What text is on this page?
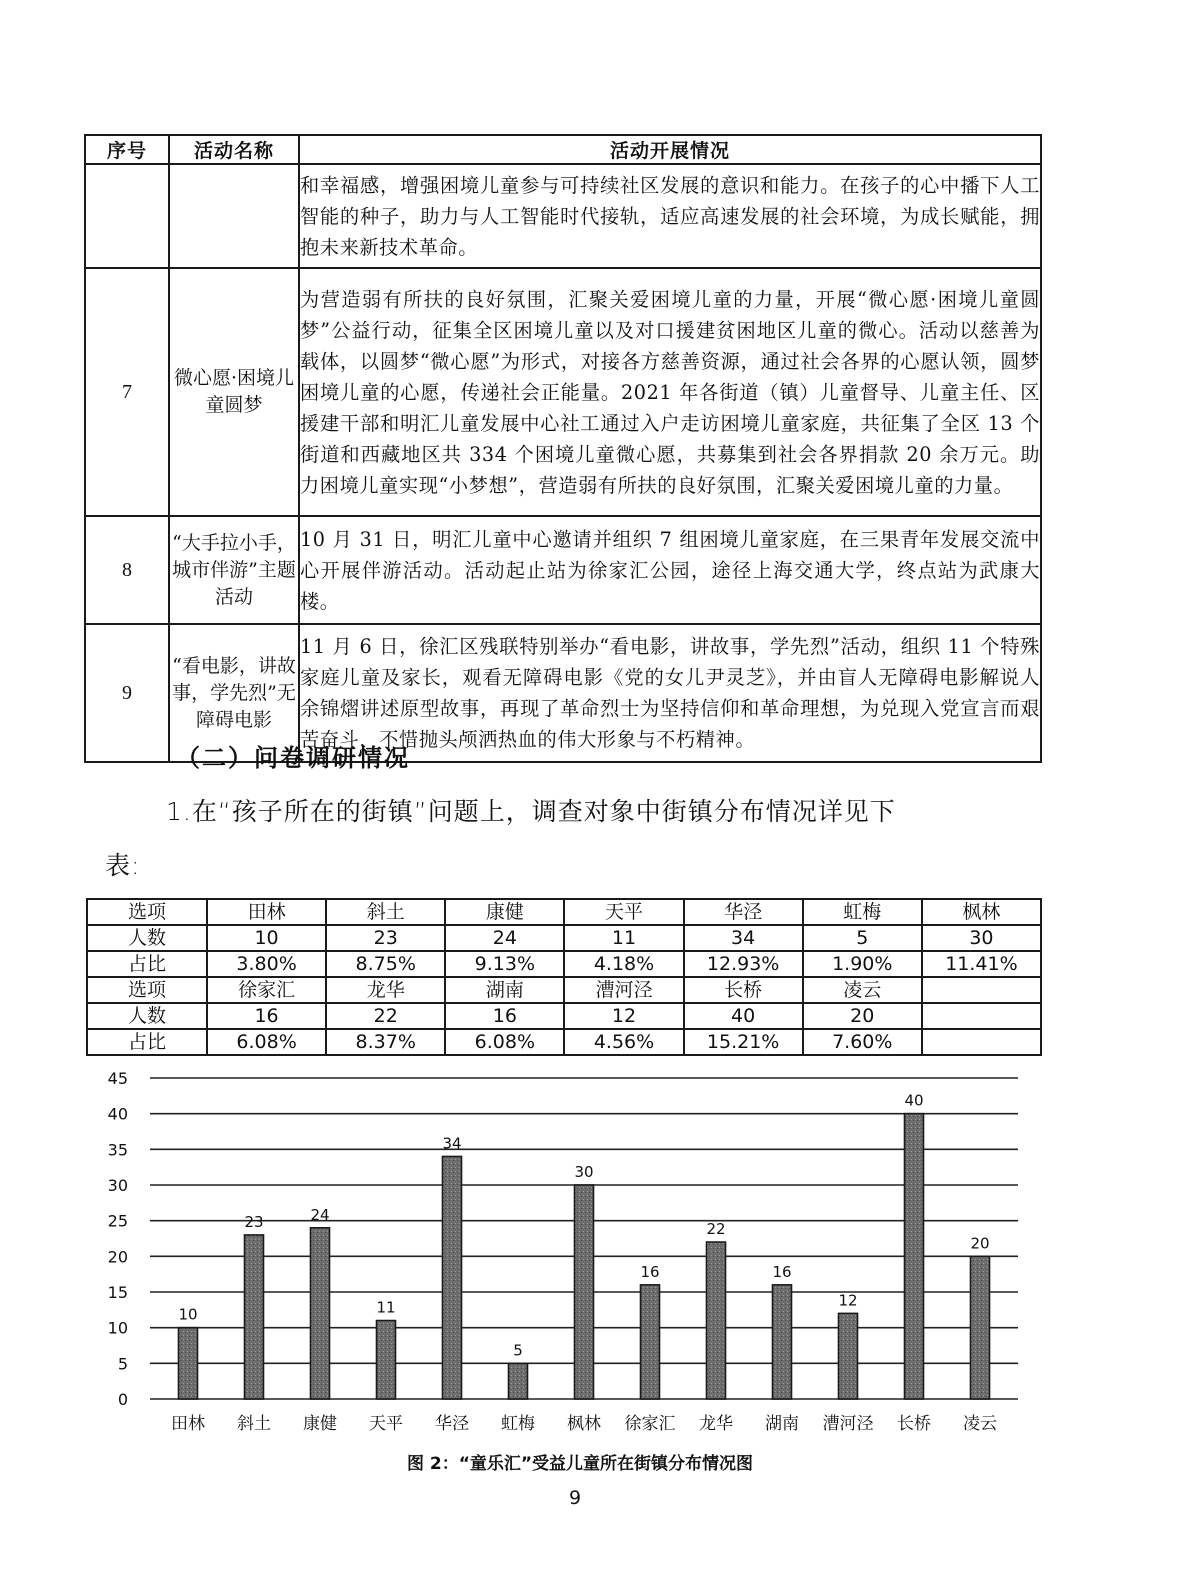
序号	活动名称	活动开展情况
		和幸福感，增强困境儿童参与可持续社区发展的意识和能力。在孩子的心中播下人工智能的种子，助力与人工智能时代接轨，适应高速发展的社会环境，为成长赋能，拥抱未来新技术革命。
7	微心愿·困境儿童圆梦	为营造弱有所扶的良好氛围，汇聚关爱困境儿童的力量，开展“微心愿·困境儿童圆梦”公益行动，征集全区困境儿童以及对口援建贫困地区儿童的微心。活动以慈善为载体，以圆梦“微心愿”为形式，对接各方慈善资源，通过社会各界的心愿认领，圆梦困境儿童的心愿，传递社会正能量。2021 年各街道（镇）儿童督导、儿童主任、区援建干部和明汇儿童发展中心社工通过入户走访困境儿童家庭，共征集了全区 13 个街道和西藏地区共 334 个困境儿童微心愿，共募集到社会各界捐款 20 余万元。助力困境儿童实现“小梦想”，营造弱有所扶的良好氛围，汇聚关爱困境儿童的力量。
8	“大手拉小手，城市伴游”主题活动	10 月 31 日，明汇儿童中心邀请并组织 7 组困境儿童家庭，在三果青年发展交流中心开展伴游活动。活动起止站为徐家汇公园，途径上海交通大学，终点站为武康大楼。
9	“看电影，讲故事，学先烈”无障碍电影	11 月 6 日，徐汇区残联特别举办“看电影，讲故事，学先烈”活动，组织 11 个特殊家庭儿童及家长，观看无障碍电影《党的女儿尹灵芝》，并由盲人无障碍电影解说人余锦熠讲述原型故事，再现了革命烈士为坚持信仰和革命理想，为兑现入党宣言而艰苦奋斗，不惜抛头颅洒热血的伟大形象与不朽精神。
（二）问卷调研情况
1.在“孩子所在的街镇”问题上，调查对象中街镇分布情况详见下
表:
选项	田林	斜土	康健	天平	华泾	虹梅	枫林
人数	10	23	24	11	34	5	30
占比	3.80%	8.75%	9.13%	4.18%	12.93%	1.90%	11.41%
选项	徐家汇	龙华	湖南	漕河泾	长桥	凌云	
人数	16	22	16	12	40	20	
占比	6.08%	8.37%	6.08%	4.56%	15.21%	7.60%	
0
5
10
15
20
25
30
35
40
45
10
田林
23
斜土
24
康健
11
天平
34
华泾
5
虹梅
30
枫林
16
徐家汇
22
龙华
16
湖南
12
漕河泾
40
长桥
20
凌云
图 2：“童乐汇”受益儿童所在街镇分布情况图
9
